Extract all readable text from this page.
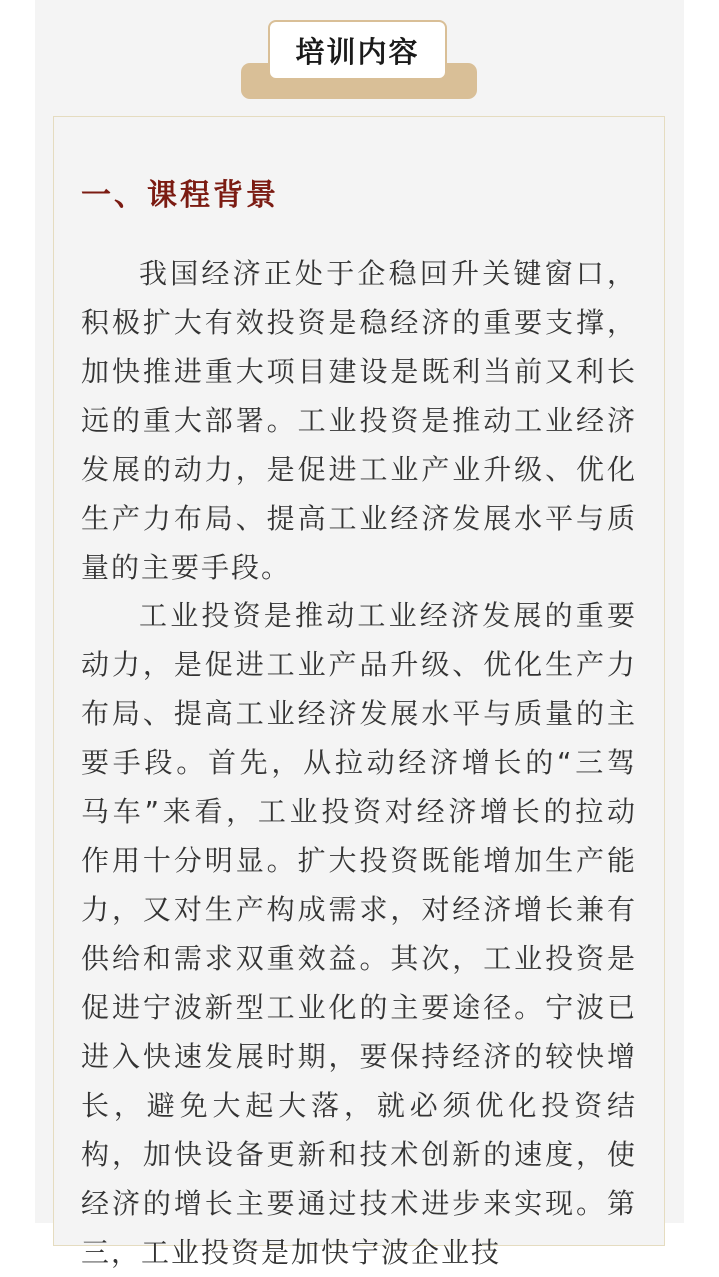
培训内容
一、课程背景

我国经济正处于企稳回升关键窗口，积极扩大有效投资是稳经济的重要支撑，加快推进重大项目建设是既利当前又利长远的重大部署。工业投资是推动工业经济发展的动力，是促进工业产业升级、优化生产力布局、提高工业经济发展水平与质量的主要手段。

工业投资是推动工业经济发展的重要动力，是促进工业产品升级、优化生产力布局、提高工业经济发展水平与质量的主要手段。首先，从拉动经济增长的“三驾马车”来看，工业投资对经济增长的拉动作用十分明显。扩大投资既能增加生产能力，又对生产构成需求，对经济增长兼有供给和需求双重效益。其次，工业投资是促进宁波新型工业化的主要途径。宁波已进入快速发展时期，要保持经济的较快增长，避免大起大落，就必须优化投资结构，加快设备更新和技术创新的速度，使经济的增长主要通过技术进步来实现。第三，工业投资是加快宁波企业技
